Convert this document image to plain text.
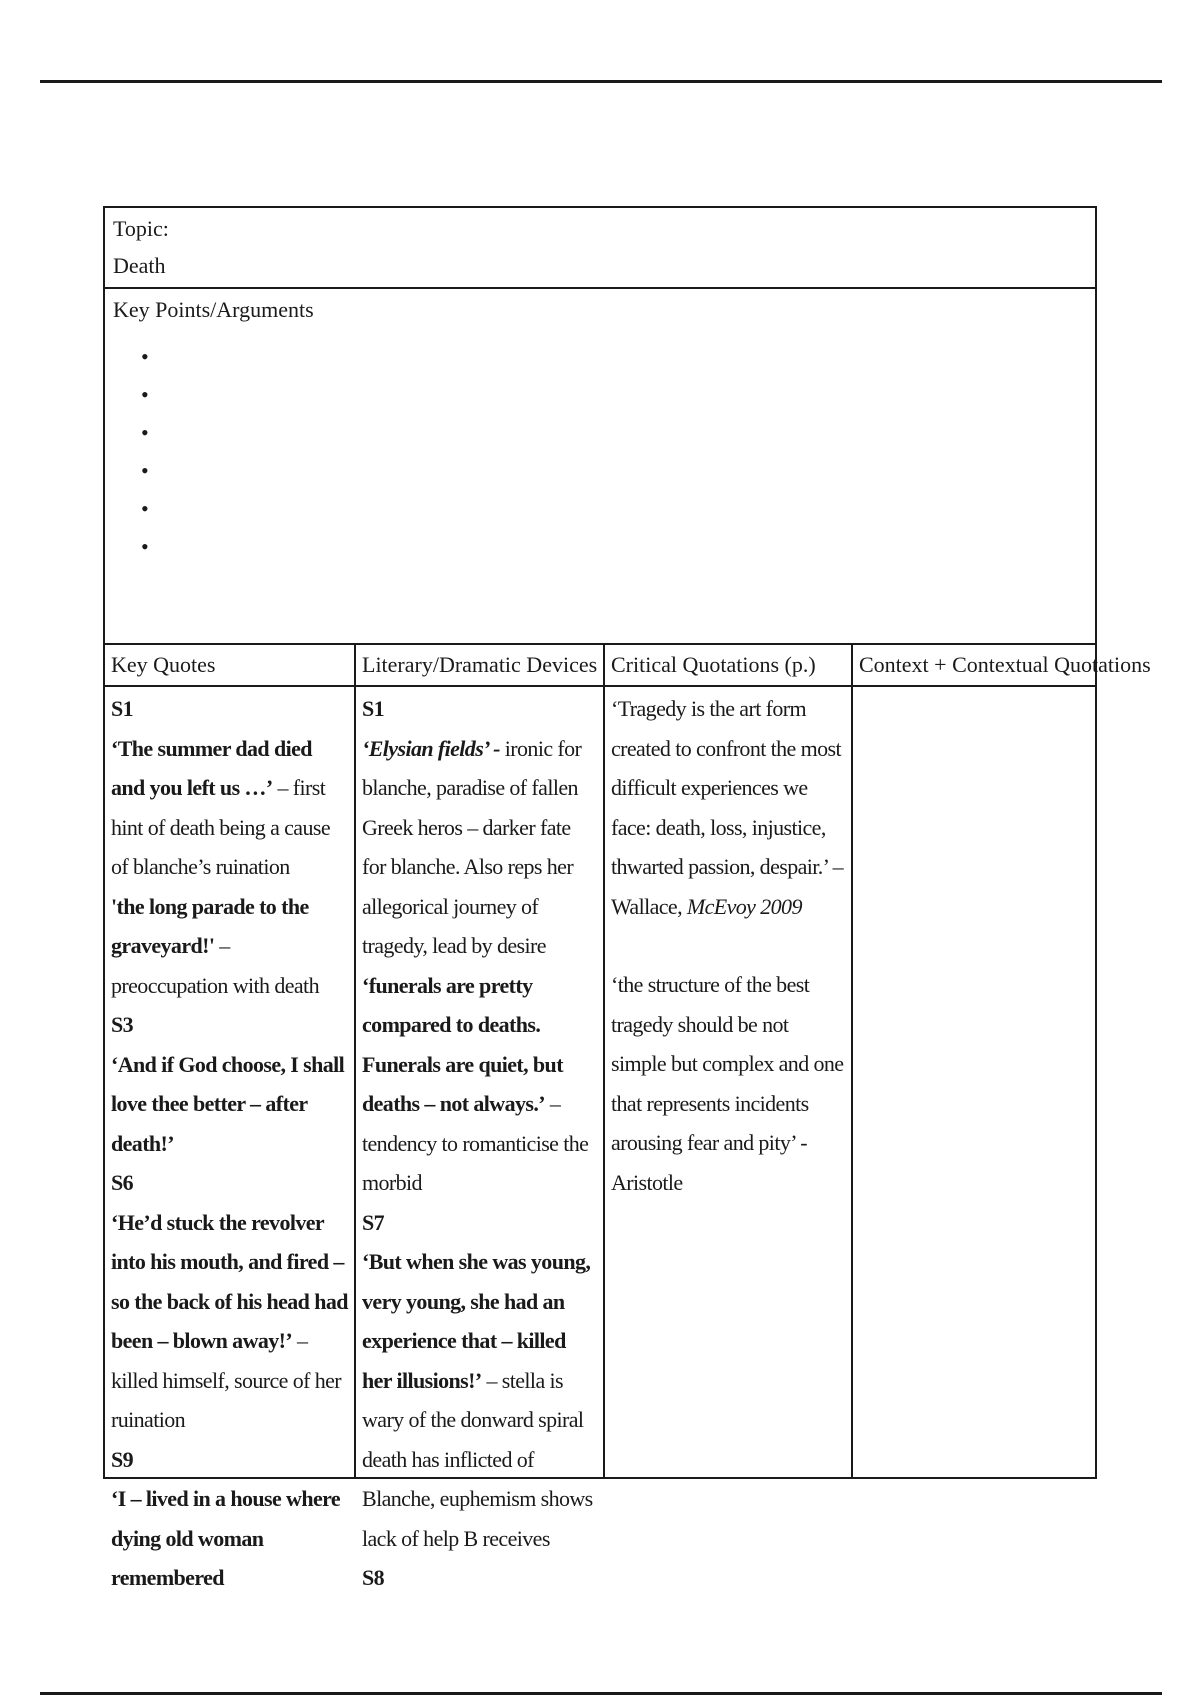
Topic:
Death
Key Points/Arguments
•
•
•
•
•
•
Key Quotes	Literary/Dramatic Devices Critical Quotations (p.)	Context + Contextual Quotations
S1
‘The summer dad died and you left us …’ – first hint of death being a cause of blanche’s ruination
'the long parade to the graveyard!' – preoccupation with death
S3
‘And if God choose, I shall love thee better – after death!’
S6
‘He’d stuck the revolver into his mouth, and fired – so the back of his head had been – blown away!’ – killed himself, source of her ruination
S9
‘I – lived in a house where dying old woman remembered
S1
‘Elysian fields’ - ironic for blanche, paradise of fallen Greek heros – darker fate for blanche. Also reps her allegorical journey of tragedy, lead by desire
‘funerals are pretty compared to deaths. Funerals are quiet, but deaths – not always.’ – tendency to romanticise the morbid
S7
‘But when she was young, very young, she had an experience that – killed her illusions!’ – stella is wary of the donward spiral death has inflicted of Blanche, euphemism shows lack of help B receives
S8
‘Tragedy is the art form created to confront the most difficult experiences we face: death, loss, injustice, thwarted passion, despair.’ – Wallace, McEvoy 2009
‘the structure of the best tragedy should be not simple but complex and one that represents incidents arousing fear and pity’ - Aristotle
